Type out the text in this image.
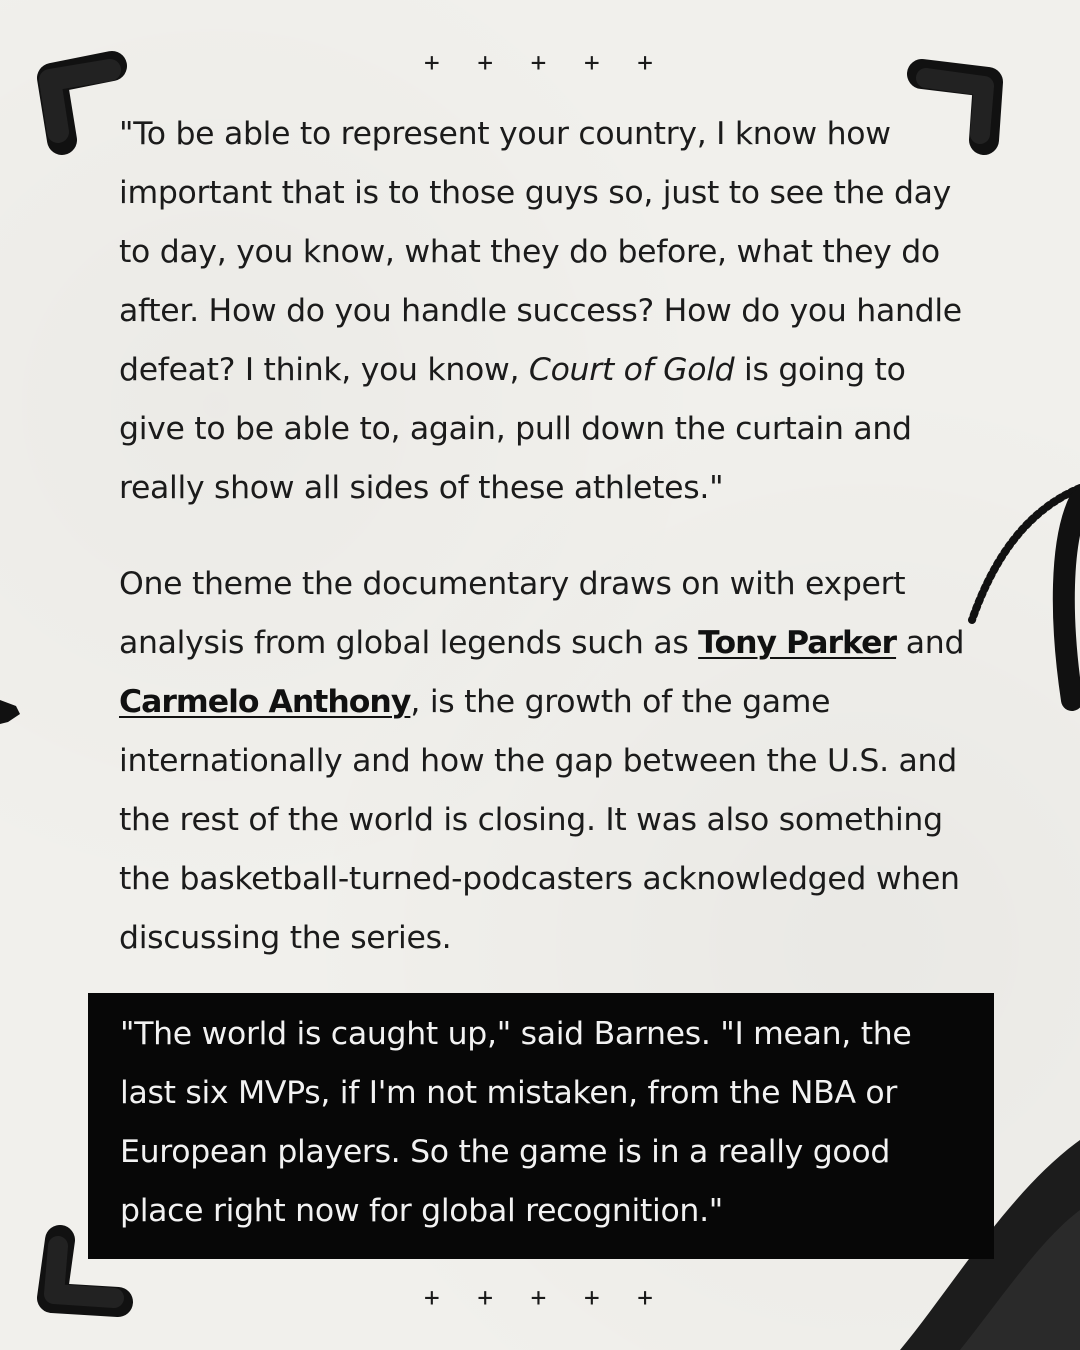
+ + + + +
"To be able to represent your country, I know how important that is to those guys so, just to see the day to day, you know, what they do before, what they do after. How do you handle success? How do you handle defeat? I think, you know, Court of Gold is going to give to be able to, again, pull down the curtain and really show all sides of these athletes."
One theme the documentary draws on with expert analysis from global legends such as Tony Parker and Carmelo Anthony, is the growth of the game internationally and how the gap between the U.S. and the rest of the world is closing. It was also something the basketball-turned-podcasters acknowledged when discussing the series.
"The world is caught up," said Barnes. "I mean, the last six MVPs, if I'm not mistaken, from the NBA or European players. So the game is in a really good place right now for global recognition."
+ + + + +
